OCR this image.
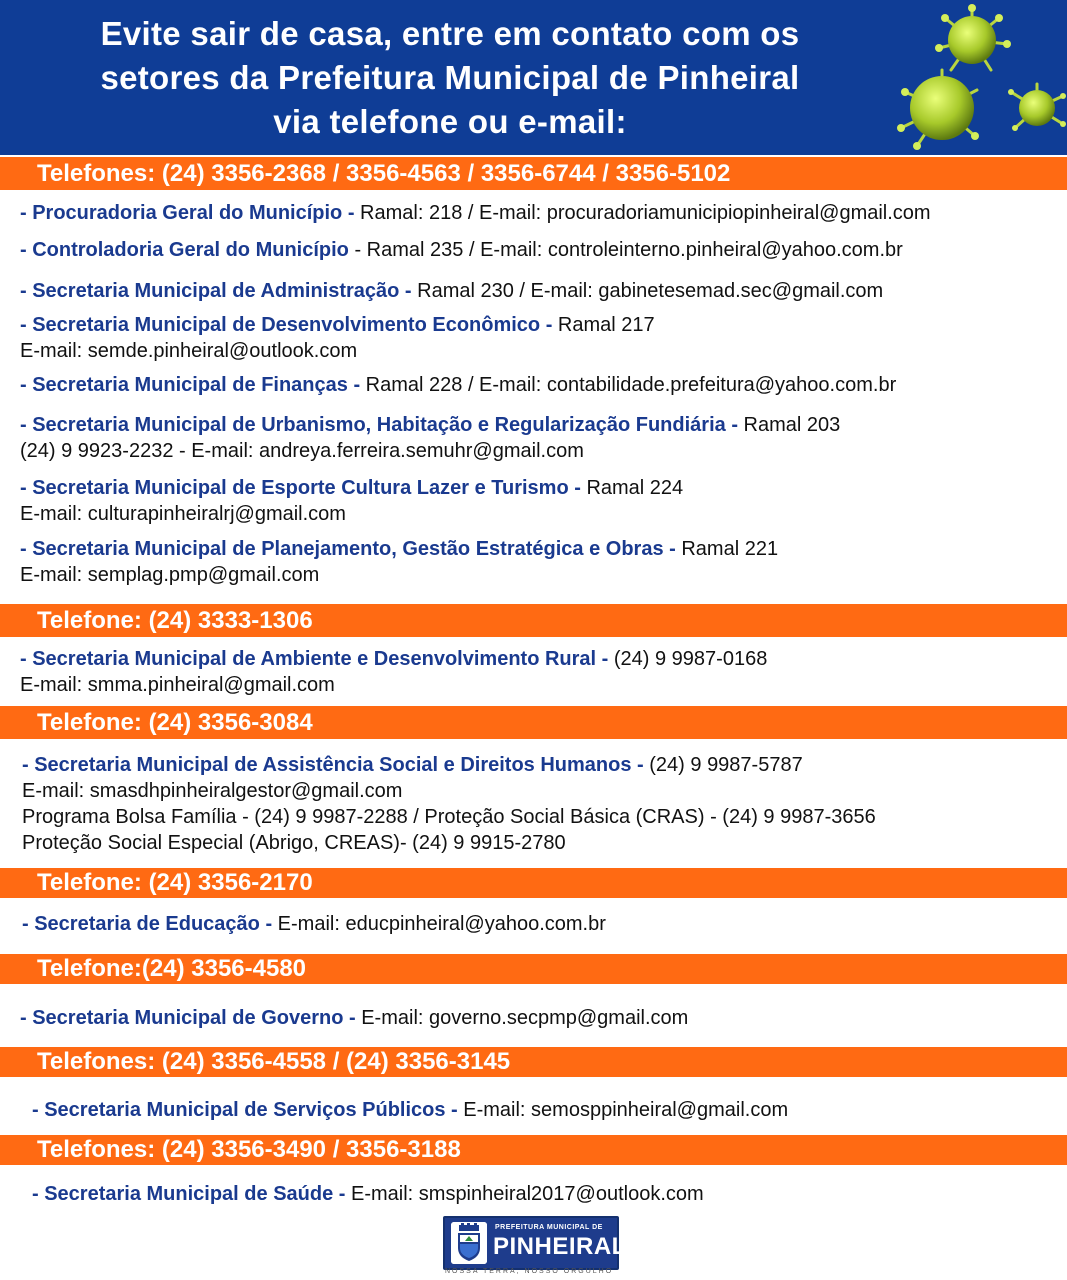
Evite sair de casa, entre em contato com os
setores da Prefeitura Municipal de Pinheiral
via telefone ou e-mail:
Telefones: (24) 3356-2368 / 3356-4563 / 3356-6744 / 3356-5102
- Procuradoria Geral do Município - Ramal: 218 / E-mail: procuradoriamunicipiopinheiral@gmail.com
- Controladoria Geral do Município - Ramal 235 / E-mail: controleinterno.pinheiral@yahoo.com.br
- Secretaria Municipal de Administração - Ramal 230 / E-mail: gabinetesemad.sec@gmail.com
- Secretaria Municipal de Desenvolvimento Econômico - Ramal 217
E-mail: semde.pinheiral@outlook.com
- Secretaria Municipal de Finanças - Ramal 228 / E-mail: contabilidade.prefeitura@yahoo.com.br
- Secretaria Municipal de Urbanismo, Habitação e Regularização Fundiária - Ramal 203
(24) 9 9923-2232 - E-mail: andreya.ferreira.semuhr@gmail.com
- Secretaria Municipal de Esporte Cultura Lazer e Turismo - Ramal 224
E-mail: culturapinheiralrj@gmail.com
- Secretaria Municipal de Planejamento, Gestão Estratégica e Obras - Ramal 221
E-mail: semplag.pmp@gmail.com
Telefone: (24) 3333-1306
- Secretaria Municipal de Ambiente e Desenvolvimento Rural - (24) 9 9987-0168
E-mail: smma.pinheiral@gmail.com
Telefone: (24) 3356-3084
- Secretaria Municipal de Assistência Social e Direitos Humanos - (24) 9 9987-5787
E-mail: smasdhpinheiralgestor@gmail.com
Programa Bolsa Família - (24) 9 9987-2288 / Proteção Social Básica (CRAS) - (24) 9 9987-3656
Proteção Social Especial (Abrigo, CREAS)- (24) 9 9915-2780
Telefone: (24) 3356-2170
- Secretaria de Educação - E-mail: educpinheiral@yahoo.com.br
Telefone:(24) 3356-4580
- Secretaria Municipal de Governo - E-mail: governo.secpmp@gmail.com
Telefones: (24) 3356-4558 / (24) 3356-3145
- Secretaria Municipal de Serviços Públicos - E-mail: semosppinheiral@gmail.com
Telefones: (24) 3356-3490 / 3356-3188
- Secretaria Municipal de Saúde - E-mail: smspinheiral2017@outlook.com
PREFEITURA MUNICIPAL DE
PINHEIRAL
NOSSA TERRA, NOSSO ORGULHO
